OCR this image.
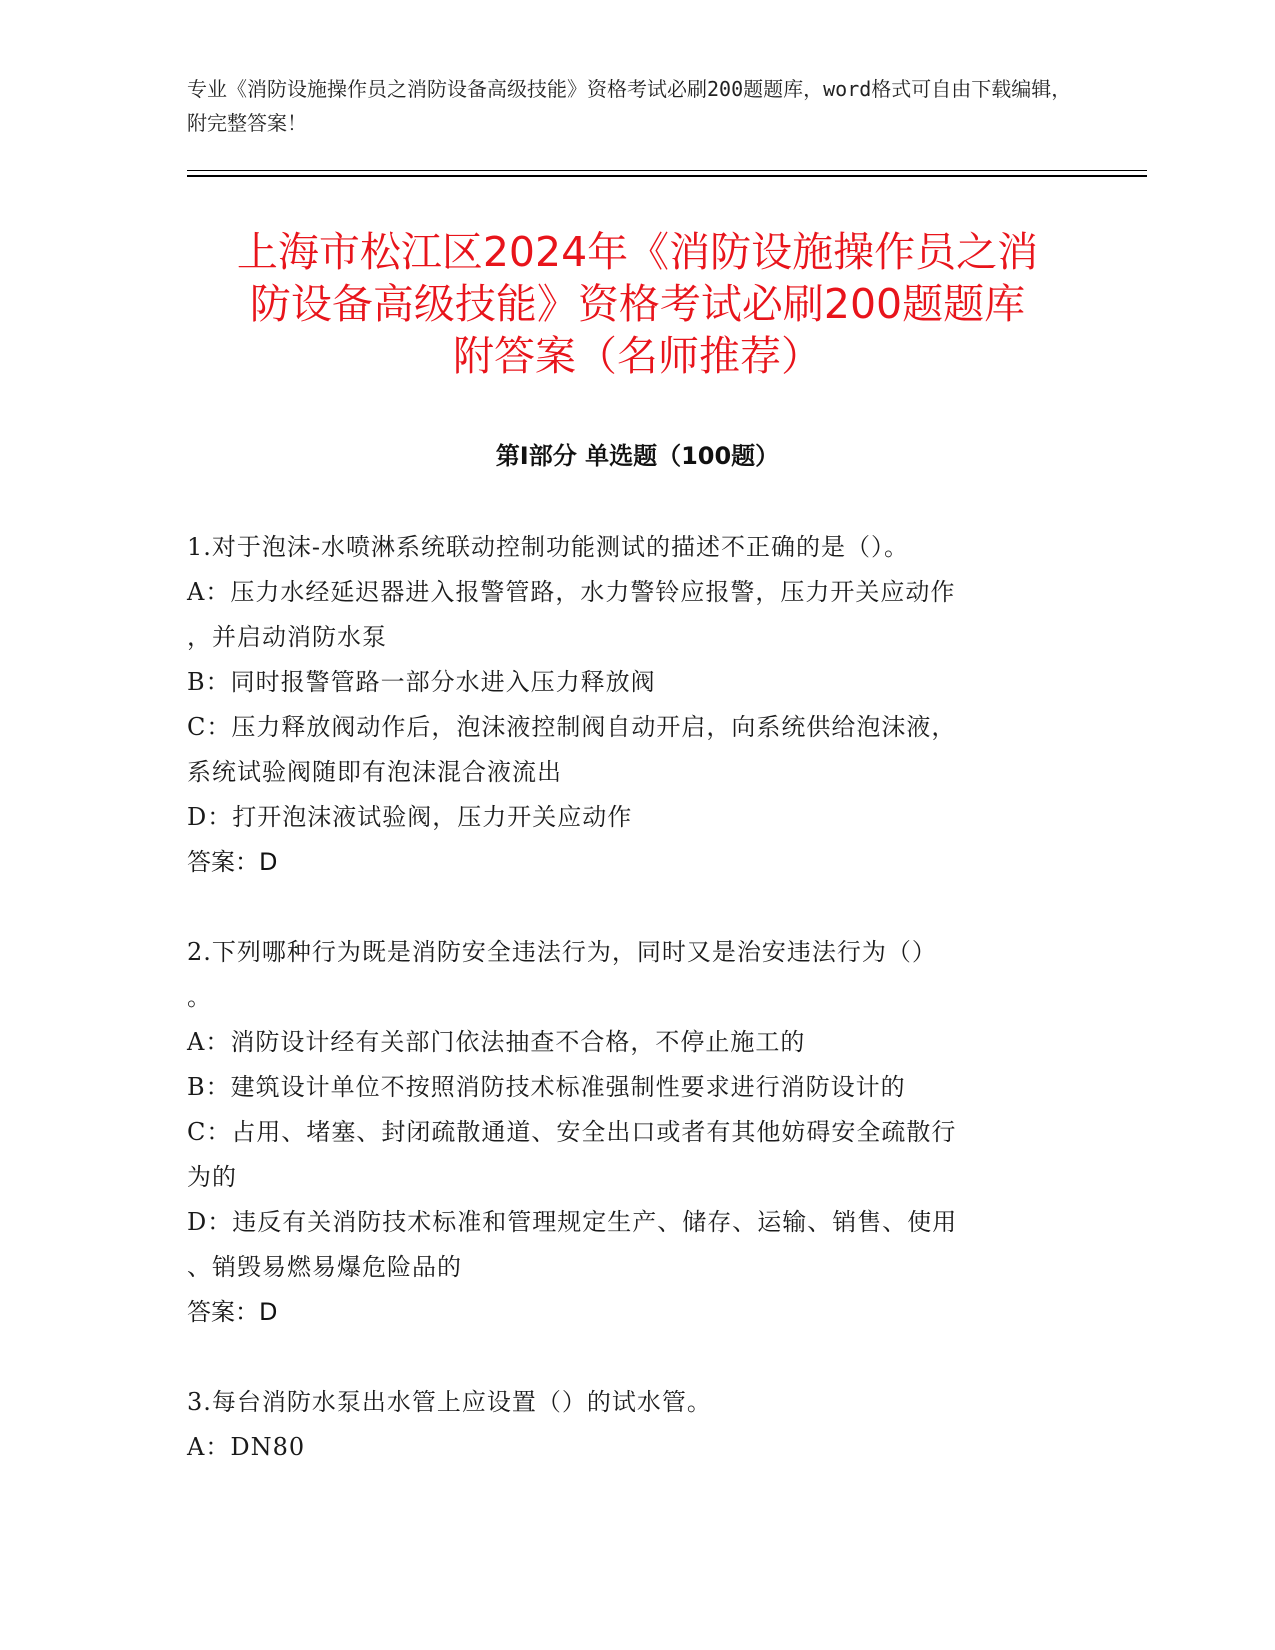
专业《消防设施操作员之消防设备高级技能》资格考试必刷200题题库，word格式可自由下载编辑，附完整答案！
上海市松江区2024年《消防设施操作员之消
防设备高级技能》资格考试必刷200题题库
附答案（名师推荐）
第I部分 单选题（100题）

1.对于泡沫-水喷淋系统联动控制功能测试的描述不正确的是（）。

A：压力水经延迟器进入报警管路，水力警铃应报警，压力开关应动作

，并启动消防水泵

B：同时报警管路一部分水进入压力释放阀

C：压力释放阀动作后，泡沫液控制阀自动开启，向系统供给泡沫液，

系统试验阀随即有泡沫混合液流出

D：打开泡沫液试验阀，压力开关应动作

答案：D

2.下列哪种行为既是消防安全违法行为，同时又是治安违法行为（）

。

A：消防设计经有关部门依法抽查不合格，不停止施工的

B：建筑设计单位不按照消防技术标准强制性要求进行消防设计的

C：占用、堵塞、封闭疏散通道、安全出口或者有其他妨碍安全疏散行

为的

D：违反有关消防技术标准和管理规定生产、储存、运输、销售、使用

、销毁易燃易爆危险品的

答案：D

3.每台消防水泵出水管上应设置（）的试水管。

A：DN80
